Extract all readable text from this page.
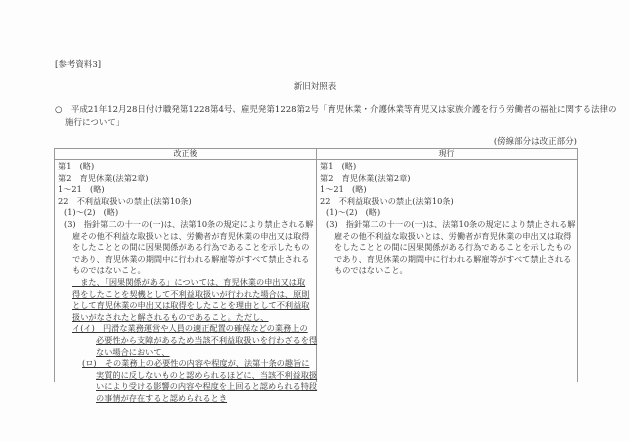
[参考資料3]
新旧対照表
○　平成21年12月28日付け職発第1228第4号、雇児発第1228第2号「育児休業・介護休業等育児又は家族介護を行う労働者の福祉に関する法律の
施行について」
(傍線部分は改正部分)
改正後	現行
第1　(略)
第2　育児休業(法第2章)
1～21　(略)
22　不利益取扱いの禁止(法第10条)
(1)～(2)　(略)
(3)　指針第二の十一の(一)は、法第10条の規定により禁止される解
雇その他不利益な取扱いとは、労働者が育児休業の申出又は取得
をしたこととの間に因果関係がある行為であることを示したもの
であり、育児休業の期間中に行われる解雇等がすべて禁止される
ものではないこと。
　また、「因果関係がある」については、育児休業の申出又は取
得をしたことを契機として不利益取扱いが行われた場合は、原則
として育児休業の申出又は取得をしたことを理由として不利益取
扱いがなされたと解されるものであること。ただし、
イ(イ)　円滑な業務運営や人員の適正配置の確保などの業務上の
必要性から支障があるため当該不利益取扱いを行わざるを得
ない場合において、
(ロ)　その業務上の必要性の内容や程度が、法第十条の趣旨に
実質的に反しないものと認められるほどに、当該不利益取扱
いにより受ける影響の内容や程度を上回ると認められる特段
の事情が存在すると認められるとき
第1　(略)
第2　育児休業(法第2章)
1～21　(略)
22　不利益取扱いの禁止(法第10条)
(1)～(2)　(略)
(3)　指針第二の十一の(一)は、法第10条の規定により禁止される解
雇その他不利益な取扱いとは、労働者が育児休業の申出又は取得
をしたこととの間に因果関係がある行為であることを示したもの
であり、育児休業の期間中に行われる解雇等がすべて禁止される
ものではないこと。
